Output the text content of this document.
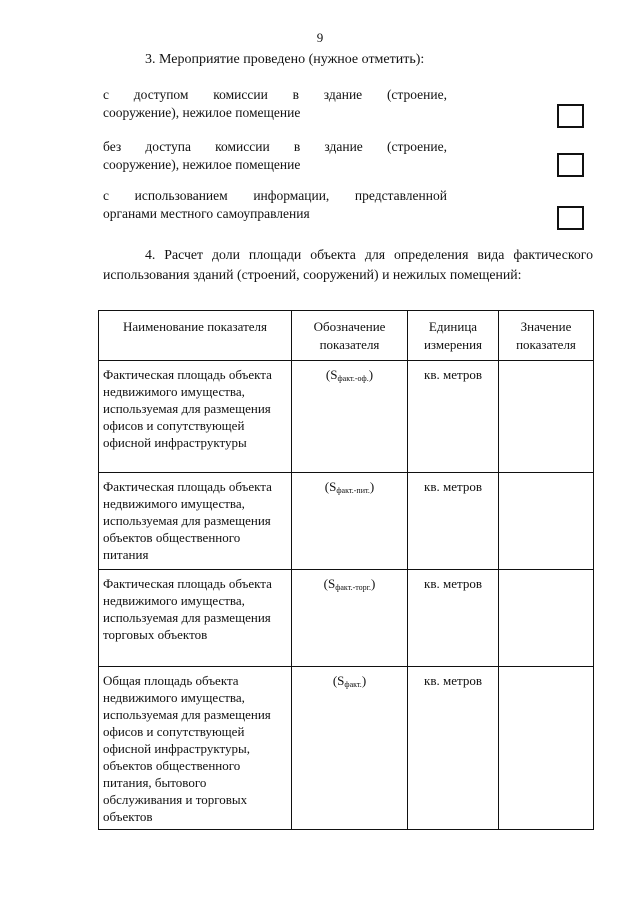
9
3. Мероприятие проведено (нужное отметить):
с доступом комиссии в здание (строение,
сооружение), нежилое помещение
без доступа комиссии в здание (строение,
сооружение), нежилое помещение
с использованием информации, представленной
органами местного самоуправления
4. Расчет доли площади объекта для определения вида фактического
использования зданий (строений, сооружений) и нежилых помещений:
Наименование показателя	Обозначение показателя	Единица измерения	Значение показателя
Фактическая площадь объекта недвижимого имущества, используемая для размещения офисов и сопутствующей офисной инфраструктуры	$(S_{факт.-оф.})$	кв. метров	
Фактическая площадь объекта недвижимого имущества, используемая для размещения объектов общественного питания	$(S_{факт.-пит.})$	кв. метров	
Фактическая площадь объекта недвижимого имущества, используемая для размещения торговых объектов	$(S_{факт.-торг.})$	кв. метров	
Общая площадь объекта недвижимого имущества, используемая для размещения офисов и сопутствующей офисной инфраструктуры, объектов общественного питания, бытового обслуживания и торговых объектов	$(S_{факт.})$	кв. метров	
